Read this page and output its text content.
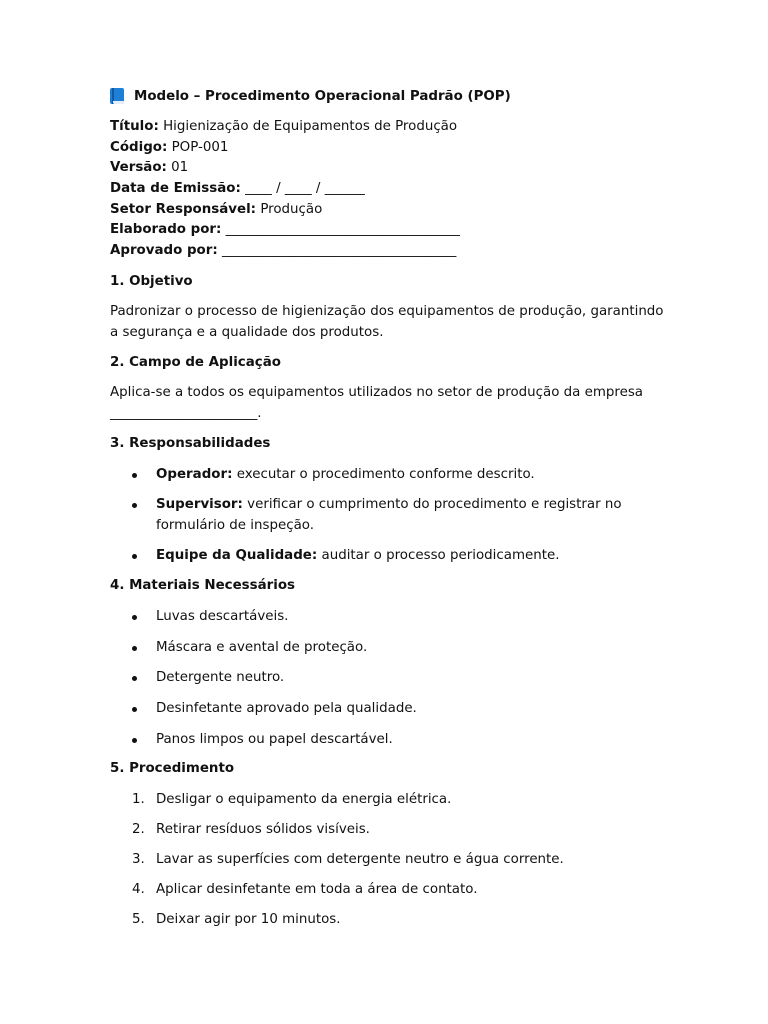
Modelo – Procedimento Operacional Padrão (POP)
Título: Higienização de Equipamentos de Produção
Código: POP-001
Versão: 01
Data de Emissão: ____ / ____ / ______
Setor Responsável: Produção
Elaborado por: ___________________________________
Aprovado por: ___________________________________
1. Objetivo
Padronizar o processo de higienização dos equipamentos de produção, garantindo a segurança e a qualidade dos produtos.
2. Campo de Aplicação
Aplica-se a todos os equipamentos utilizados no setor de produção da empresa ______________________.
3. Responsabilidades
Operador: executar o procedimento conforme descrito.
Supervisor: verificar o cumprimento do procedimento e registrar no formulário de inspeção.
Equipe da Qualidade: auditar o processo periodicamente.
4. Materiais Necessários
Luvas descartáveis.
Máscara e avental de proteção.
Detergente neutro.
Desinfetante aprovado pela qualidade.
Panos limpos ou papel descartável.
5. Procedimento
1. Desligar o equipamento da energia elétrica.
2. Retirar resíduos sólidos visíveis.
3. Lavar as superfícies com detergente neutro e água corrente.
4. Aplicar desinfetante em toda a área de contato.
5. Deixar agir por 10 minutos.
